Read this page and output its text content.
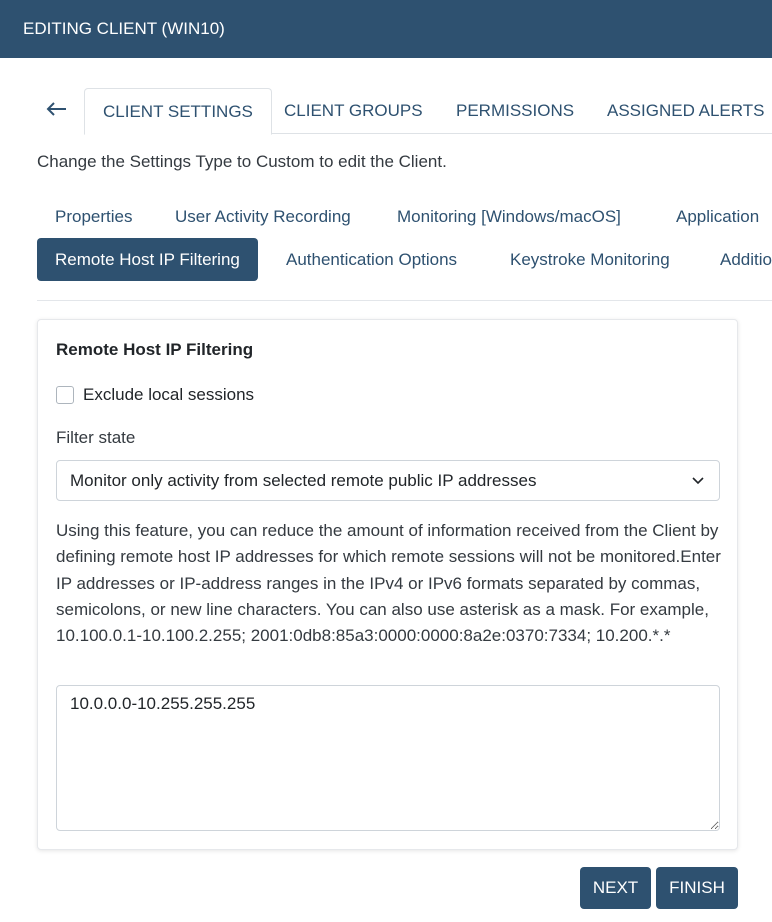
EDITING CLIENT (WIN10)
CLIENT SETTINGS	CLIENT GROUPS PERMISSIONS ASSIGNED ALERTS
Change the Settings Type to Custom to edit the Client.
Properties	User Activity Recording	Monitoring [Windows/macOS]	Application
Remote Host IP Filtering	Authentication Options	Keystroke Monitoring	Additio
Remote Host IP Filtering
Exclude local sessions
Filter state
Monitor only activity from selected remote public IP addresses
Using this feature, you can reduce the amount of information received from the Client by defining remote host IP addresses for which remote sessions will not be monitored.Enter IP addresses or IP-address ranges in the IPv4 or IPv6 formats separated by commas, semicolons, or new line characters. You can also use asterisk as a mask. For example, 10.100.0.1-10.100.2.255; 2001:0db8:85a3:0000:0000:8a2e:0370:7334; 10.200.*.*
10.0.0.0-10.255.255.255
NEXT	FINISH
